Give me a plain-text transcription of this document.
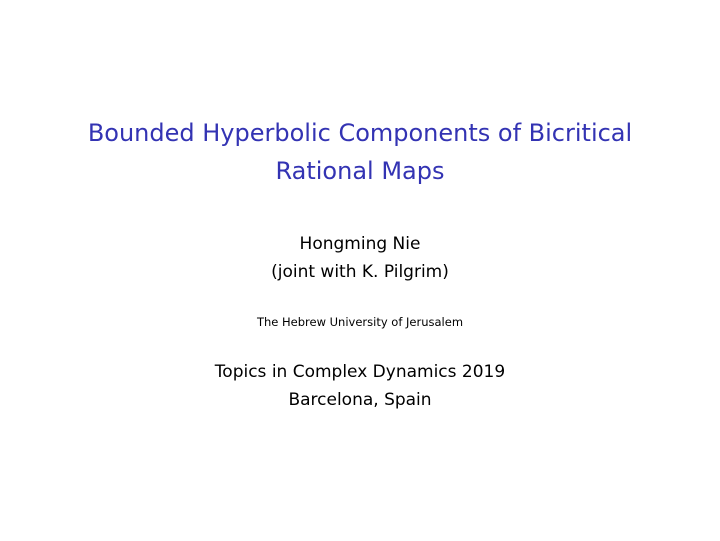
Bounded Hyperbolic Components of Bicritical
Rational Maps
Hongming Nie
(joint with K. Pilgrim)
The Hebrew University of Jerusalem
Topics in Complex Dynamics 2019
Barcelona, Spain
